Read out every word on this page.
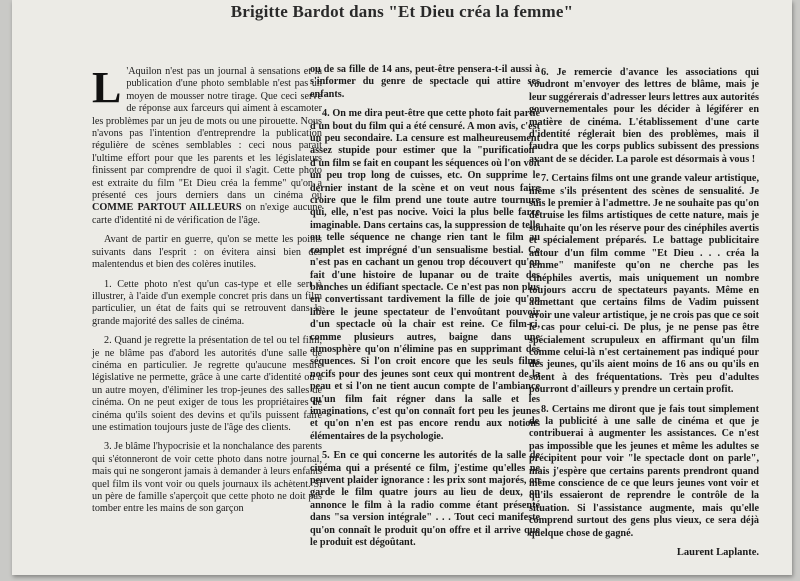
Brigitte Bardot dans "Et Dieu créa la femme"

L 'Aquilon n'est pas un journal à sensations et la publication d'une photo semblable n'est pas un moyen de mousser notre tirage. Que ceci serve de réponse aux farceurs qui aiment à escamoter les problèmes par un jeu de mots ou une pirouette. Nous n'avons pas l'intention d'entreprendre la publication régulière de scènes semblables : ceci nous paraît l'ultime effort pour que les parents et les législateurs finissent par comprendre de quoi il s'agit. Cette photo est extraite du film "Et Dieu créa la femme" qu'on a présenté ces jours derniers dans un cinéma où COMME PARTOUT AILLEURS on n'exige aucune carte d'identité ni de vérification de l'âge.

Avant de partir en guerre, qu'on se mette les points suivants dans l'esprit : on évitera ainsi bien des malentendus et bien des colères inutiles.

1. Cette photo n'est qu'un cas-type et elle sert à illustrer, à l'aide d'un exemple concret pris dans un film particulier, un état de faits qui se retrouvent dans la grande majorité des salles de cinéma.

2. Quand je regrette la présentation de tel ou tel film, je ne blâme pas d'abord les autorités d'une salle de cinéma en particulier. Je regrette qu'aucune mesure législative ne permette, grâce à une carte d'identité ou à un autre moyen, d'éliminer les trop-jeunes des salles de cinéma. On ne peut exiger de tous les propriétaires de cinéma qu'ils soient des devins et qu'ils puissent faire une estimation toujours juste de l'âge des clients.

3. Je blâme l'hypocrisie et la nonchalance des parents qui s'étonneront de voir cette photo dans notre journal, mais qui ne songeront jamais à demander à leurs enfants quel film ils vont voir ou quels journaux ils achètent. Si un père de famille s'aperçoit que cette photo ne doit pas tomber entre les mains de son garçon

ou de sa fille de 14 ans, peut-être pensera-t-il aussi à s'informer du genre de spectacle qui attire ses enfants.

4. On me dira peut-être que cette photo fait partie d'un bout du film qui a été censuré. A mon avis, c'est un peu secondaire. La censure est malheureusement assez stupide pour estimer que la "purification" d'un film se fait en coupant les séquences où l'on voit un peu trop long de cuisses, etc. On supprime le dernier instant de la scène et on veut nous faire croire que le film prend une toute autre tournure qui, elle, n'est pas nocive. Voici la plus belle farce imaginable. Dans certains cas, la suppression de telle ou telle séquence ne change rien tant le film au complet est imprégné d'un sensualisme bestial. Ce n'est pas en cachant un genou trop découvert qu'on fait d'une histoire de lupanar ou de traite des blanches un édifiant spectacle. Ce n'est pas non plus en convertissant tardivement la fille de joie qu'on libère le jeune spectateur de l'envoûtant pouvoir d'un spectacle où la chair est reine. Ce film-ci, comme plusieurs autres, baigne dans une atmosphère qu'on n'élimine pas en supprimant des séquences. Si l'on croit encore que les seuls films nocifs pour des jeunes sont ceux qui montrent de la peau et si l'on ne tient aucun compte de l'ambiance qu'un film fait régner dans la salle et les imaginations, c'est qu'on connaît fort peu les jeunes et qu'on n'en est pas encore rendu aux notions élémentaires de la psychologie.

5. En ce qui concerne les autorités de la salle de cinéma qui a présenté ce film, j'estime qu'elles ne peuvent plaider ignorance : les prix sont majorés, on garde le film quatre jours au lieu de deux, on annonce le film à la radio comme étant présenté dans "sa version intégrale" . . . Tout ceci manifeste qu'on connaît le produit qu'on offre et il arrive que le produit est dégoûtant.

6. Je remercie d'avance les associations qui voudront m'envoyer des lettres de blâme, mais je leur suggérerais d'adresser leurs lettres aux autorités gouvernementales pour les décider à légiférer en matière de cinéma. L'établissement d'une carte d'identité réglerait bien des problèmes, mais il faudra que les corps publics subissent des pressions avant de se décider. La parole est désormais à vous !

7. Certains films ont une grande valeur artistique, même s'ils présentent des scènes de sensualité. Je suis le premier à l'admettre. Je ne souhaite pas qu'on détruise les films artistiques de cette nature, mais je souhaite qu'on les réserve pour des cinéphiles avertis et spécialement préparés. Le battage publicitaire autour d'un film comme "Et Dieu . . . créa la femme" manifeste qu'on ne cherche pas les cinéphiles avertis, mais uniquement un nombre toujours accru de spectateurs payants. Même en admettant que certains films de Vadim puissent avoir une valeur artistique, je ne crois pas que ce soit le cas pour celui-ci. De plus, je ne pense pas être spécialement scrupuleux en affirmant qu'un film comme celui-là n'est certainement pas indiqué pour des jeunes, qu'ils aient moins de 16 ans ou qu'ils en soient à des fréquentations. Très peu d'adultes pourront d'ailleurs y prendre un certain profit.

8. Certains me diront que je fais tout simplement de la publicité à une salle de cinéma et que je contribuerai à augmenter les assistances. Ce n'est pas impossible que les jeunes et même les adultes se précipitent pour voir "le spectacle dont on parle", mais j'espère que certains parents prendront quand même conscience de ce que leurs jeunes vont voir et qu'ils essaieront de reprendre le contrôle de la situation. Si l'assistance augmente, mais qu'elle comprend surtout des gens plus vieux, ce sera déjà quelque chose de gagné.

Laurent Laplante.
